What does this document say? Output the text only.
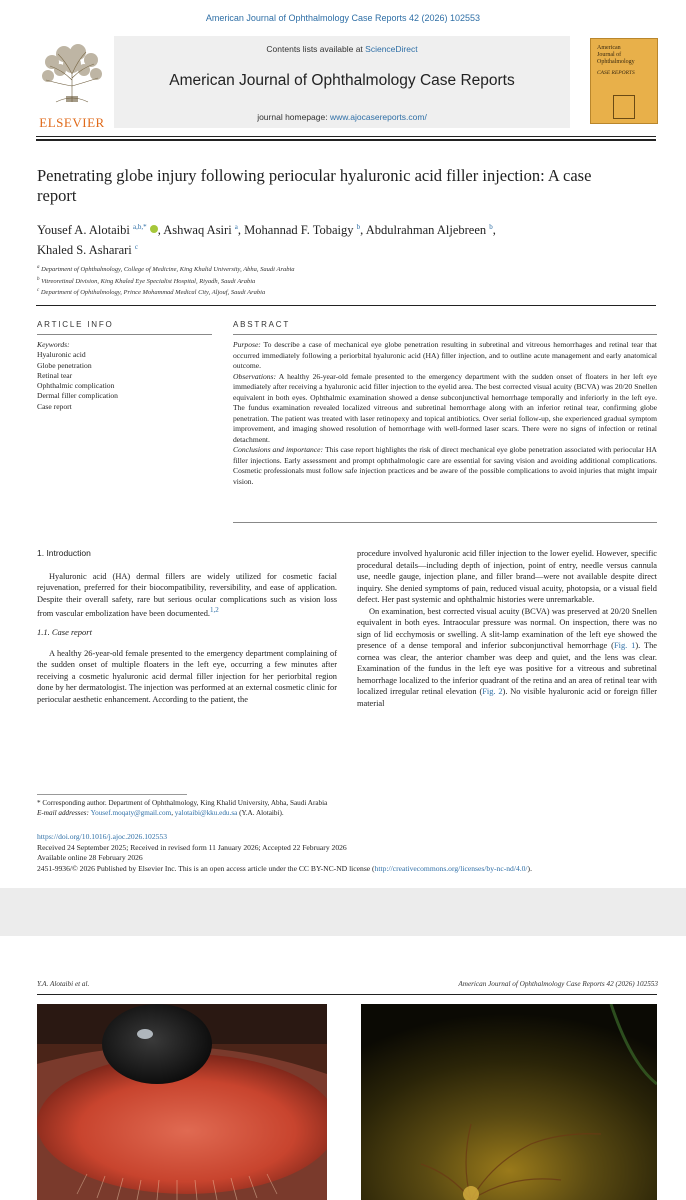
American Journal of Ophthalmology Case Reports 42 (2026) 102553
ELSEVIER
Contents lists available at ScienceDirect
American Journal of Ophthalmology Case Reports
journal homepage: www.ajocasereports.com/
American
Journal of
Ophthalmology
CASE REPORTS
Penetrating globe injury following periocular hyaluronic acid filler injection: A case report
Yousef A. Alotaibi $^{a,b,*}$ , Ashwaq Asiri $^a$, Mohannad F. Tobaigy $^b$, Abdulrahman Aljebreen $^b$,
Khaled S. Asharari $^c$
$^a$ Department of Ophthalmology, College of Medicine, King Khalid University, Abha, Saudi Arabia
$^b$ Vitreoretinal Division, King Khaled Eye Specialist Hospital, Riyadh, Saudi Arabia
$^c$ Department of Ophthalmology, Prince Mohammad Medical City, Aljouf, Saudi Arabia
ARTICLE INFO	ABSTRACT
Keywords:
Hyaluronic acid
Globe penetration
Retinal tear
Ophthalmic complication
Dermal filler complication
Case report

Purpose: To describe a case of mechanical eye globe penetration resulting in subretinal and vitreous hemorrhages and retinal tear that occurred immediately following a periorbital hyaluronic acid (HA) filler injection, and to outline acute management and early anatomical outcome.

Observations: A healthy 26-year-old female presented to the emergency department with the sudden onset of floaters in her left eye immediately after receiving a hyaluronic acid filler injection to the eyelid area. The best corrected visual acuity (BCVA) was 20/20 Snellen equivalent in both eyes. Ophthalmic examination showed a dense subconjunctival hemorrhage temporally and inferiorly in the left eye. The fundus examination revealed localized vitreous and subretinal hemorrhage along with an inferior retinal tear, confirming globe penetration. The patient was treated with laser retinopexy and topical antibiotics. Over serial follow-up, she experienced gradual symptom improvement, and imaging showed resolution of hemorrhage with well-formed laser scars. There were no signs of infection or retinal detachment.

Conclusions and importance: This case report highlights the risk of direct mechanical eye globe penetration associated with periocular HA filler injections. Early assessment and prompt ophthalmologic care are essential for saving vision and avoiding additional complications. Cosmetic professionals must follow safe injection practices and be aware of the possible complications to avoid injuries that might impair vision.

1. Introduction

Hyaluronic acid (HA) dermal fillers are widely utilized for cosmetic facial rejuvenation, preferred for their biocompatibility, reversibility, and ease of application. Despite their overall safety, rare but serious ocular complications such as vision loss from vascular embolization have been documented.$^{1,2}$

1.1. Case report

A healthy 26-year-old female presented to the emergency department complaining of the sudden onset of multiple floaters in the left eye, occurring a few minutes after receiving a cosmetic hyaluronic acid dermal filler injection for her periorbital region done by her dermatologist. The injection was performed at an external cosmetic clinic for periocular aesthetic enhancement. According to the patient, the

procedure involved hyaluronic acid filler injection to the lower eyelid. However, specific procedural details—including depth of injection, point of entry, needle versus cannula use, needle gauge, injection plane, and filler brand—were not available despite direct inquiry. She denied symptoms of pain, reduced visual acuity, photopsia, or a visual field defect. Her past systemic and ophthalmic histories were unremarkable.

On examination, best corrected visual acuity (BCVA) was preserved at 20/20 Snellen equivalent in both eyes. Intraocular pressure was normal. On inspection, there was no sign of lid ecchymosis or swelling. A slit-lamp examination of the left eye showed the presence of a dense temporal and inferior subconjunctival hemorrhage (Fig. 1). The cornea was clear, the anterior chamber was deep and quiet, and the lens was clear. Examination of the fundus in the left eye was positive for a vitreous and subretinal hemorrhage localized to the inferior quadrant of the retina and an area of retinal tear with localized irregular retinal elevation (Fig. 2). No visible hyaluronic acid or foreign filler material

* Corresponding author. Department of Ophthalmology, King Khalid University, Abha, Saudi Arabia
E-mail addresses: Yousef.moqaty@gmail.com, yalotaibi@kku.edu.sa (Y.A. Alotaibi).
https://doi.org/10.1016/j.ajoc.2026.102553
Received 24 September 2025; Received in revised form 11 January 2026; Accepted 22 February 2026
Available online 28 February 2026
2451-9936/© 2026 Published by Elsevier Inc. This is an open access article under the CC BY-NC-ND license (http://creativecommons.org/licenses/by-nc-nd/4.0/).
Y.A. Alotaibi et al.	American Journal of Ophthalmology Case Reports 42 (2026) 102553
